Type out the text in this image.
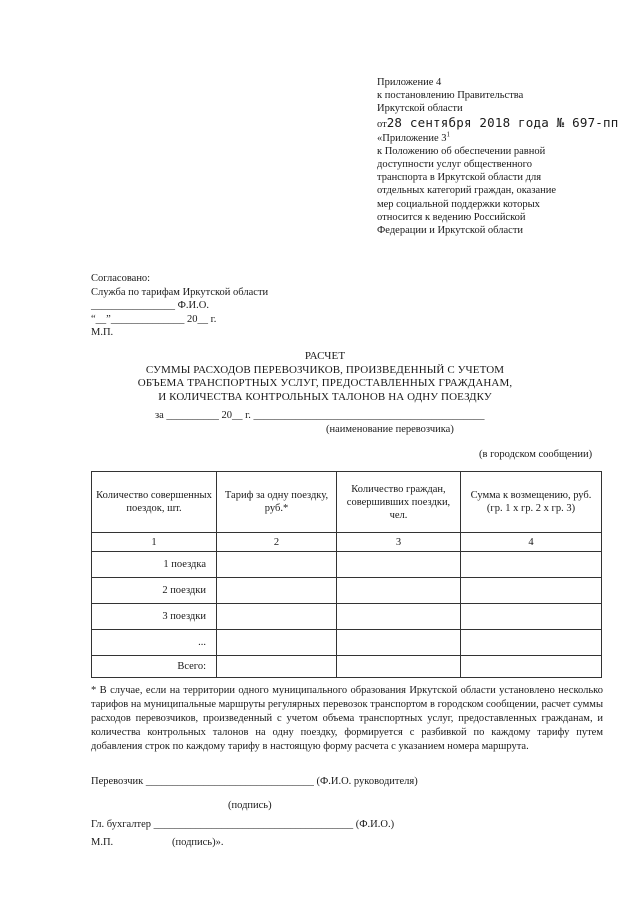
Приложение 4
к постановлению Правительства
Иркутской области
от28 сентября 2018 года № 697-пп
«Приложение $3^1$
к Положению об обеспечении равной
доступности услуг общественного
транспорта в Иркутской области для
отдельных категорий граждан, оказание
мер социальной поддержки которых
относится к ведению Российской
Федерации и Иркутской области
Согласовано:
Служба по тарифам Иркутской области
________________ Ф.И.О.
“__”______________ 20__ г.
М.П.
РАСЧЕТ
СУММЫ РАСХОДОВ ПЕРЕВОЗЧИКОВ, ПРОИЗВЕДЕННЫЙ С УЧЕТОМ
ОБЪЕМА ТРАНСПОРТНЫХ УСЛУГ, ПРЕДОСТАВЛЕННЫХ ГРАЖДАНАМ,
И КОЛИЧЕСТВА КОНТРОЛЬНЫХ ТАЛОНОВ НА ОДНУ ПОЕЗДКУ
за __________ 20__ г. ____________________________________________
(наименование перевозчика)
(в городском сообщении)
Количество совершенных поездок, шт.	Тариф за одну поездку, руб.*	Количество граждан, совершивших поездки, чел.	Сумма к возмещению, руб. (гр. 1 х гр. 2 х гр. 3)
1	2	3	4
1 поездка			
2 поездки			
3 поездки			
...			
Всего:			

* В случае, если на территории одного муниципального образования Иркутской области установлено несколько тарифов на муниципальные маршруты регулярных перевозок транспортом в городском сообщении, расчет суммы расходов перевозчиков, произведенный с учетом объема транспортных услуг, предоставленных гражданам, и количества контрольных талонов на одну поездку, формируется с разбивкой по каждому тарифу путем добавления строк по каждому тарифу в настоящую форму расчета с указанием номера маршрута.

Перевозчик ________________________________ (Ф.И.О. руководителя)
(подпись)
Гл. бухгалтер ______________________________________ (Ф.И.О.)
М.П.	(подпись)».
